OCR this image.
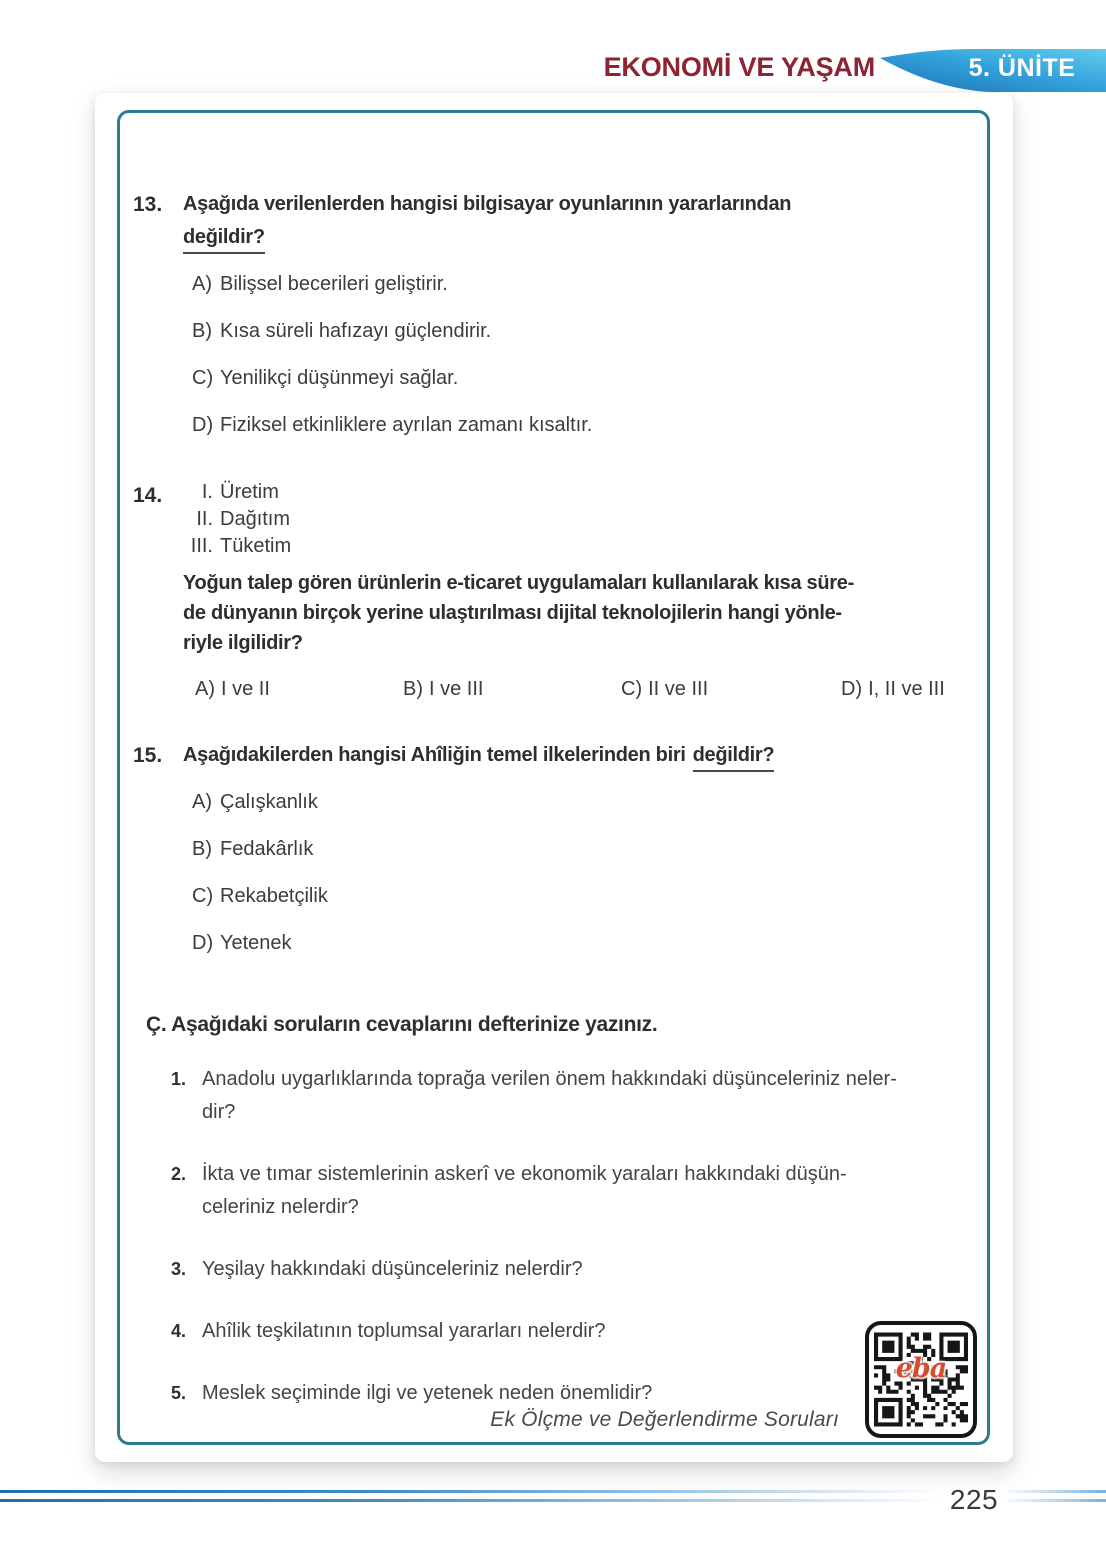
EKONOMİ VE YAŞAM	5. ÜNİTE
13.	Aşağıda verilenlerden hangisi bilgisayar oyunlarının yararlarından
değildir?
A) Bilişsel becerileri geliştirir.
B) Kısa süreli hafızayı güçlendirir.
C) Yenilikçi düşünmeyi sağlar.
D) Fiziksel etkinliklere ayrılan zamanı kısaltır.
14.	I. Üretim
II. Dağıtım
III. Tüketim
Yoğun talep gören ürünlerin e-ticaret uygulamaları kullanılarak kısa süre-
de dünyanın birçok yerine ulaştırılması dijital teknolojilerin hangi yönle-
riyle ilgilidir?
A) I ve II	B) I ve III	C) II ve III	D) I, II ve III
15.	Aşağıdakilerden hangisi Ahîliğin temel ilkelerinden biri değildir?
A) Çalışkanlık
B) Fedakârlık
C) Rekabetçilik
D) Yetenek
Ç. Aşağıdaki soruların cevaplarını defterinize yazınız.
1. Anadolu uygarlıklarında toprağa verilen önem hakkındaki düşünceleriniz neler-
dir?
2. İkta ve tımar sistemlerinin askerî ve ekonomik yaraları hakkındaki düşün-
celeriniz nelerdir?
3. Yeşilay hakkındaki düşünceleriniz nelerdir?
4. Ahîlik teşkilatının toplumsal yararları nelerdir?
5. Meslek seçiminde ilgi ve yetenek neden önemlidir?
Ek Ölçme ve Değerlendirme Soruları
eba
225
